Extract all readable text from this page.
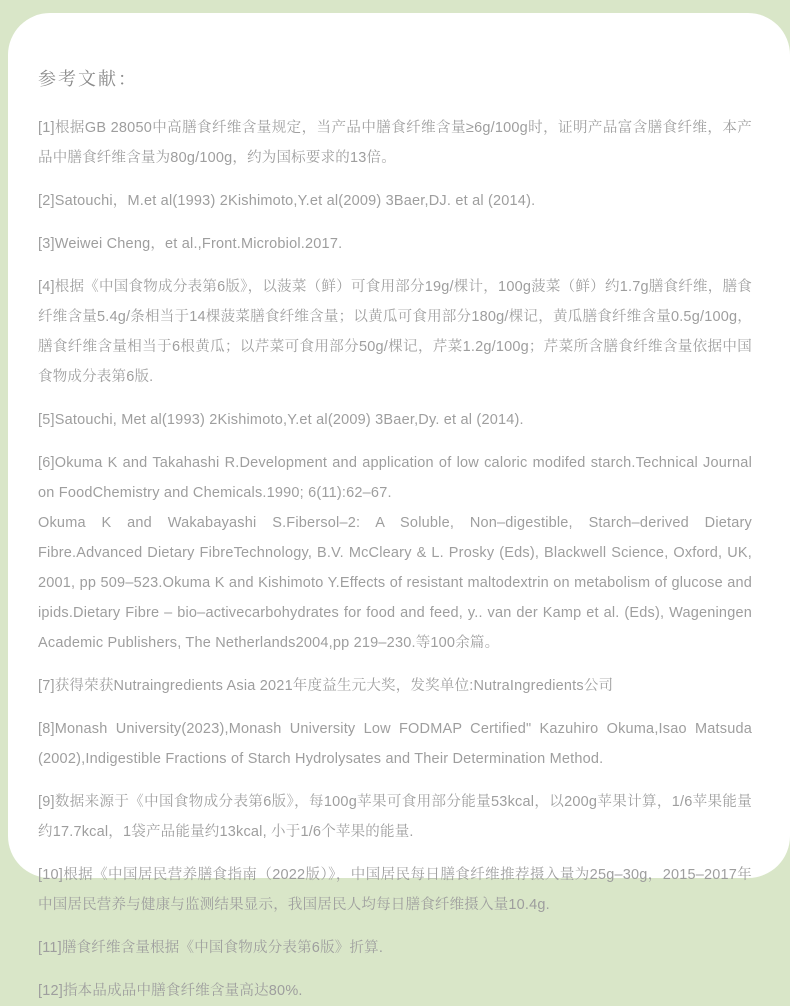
参考文献：

[1]根据GB 28050中高膳食纤维含量规定，当产品中膳食纤维含量≥6g/100g时，证明产品富含膳食纤维，本产品中膳食纤维含量为80g/100g，约为国标要求的13倍。

[2]Satouchi，M.et al(1993) 2Kishimoto,Y.et al(2009) 3Baer,DJ. et al (2014).

[3]Weiwei Cheng，et al.,Front.Microbiol.2017.

[4]根据《中国食物成分表第6版》，以菠菜（鲜）可食用部分19g/棵计，100g菠菜（鲜）约1.7g膳食纤维，膳食纤维含量5.4g/条相当于14棵菠菜膳食纤维含量；以黄瓜可食用部分180g/棵记，黄瓜膳食纤维含量0.5g/100g，膳食纤维含量相当于6根黄瓜；以芹菜可食用部分50g/棵记，芹菜1.2g/100g；芹菜所含膳食纤维含量依据中国食物成分表第6版.

[5]Satouchi, Met al(1993) 2Kishimoto,Y.et al(2009) 3Baer,Dy. et al (2014).

[6]Okuma K and Takahashi R.Development and application of low caloric modifed starch.Technical Journal on FoodChemistry and Chemicals.1990; 6(11):62–67.

Okuma K and Wakabayashi S.Fibersol–2: A Soluble, Non–digestible, Starch–derived Dietary Fibre.Advanced Dietary FibreTechnology, B.V. McCleary & L. Prosky (Eds), Blackwell Science, Oxford, UK, 2001, pp 509–523.Okuma K and Kishimoto Y.Effects of resistant maltodextrin on metabolism of glucose and ipids.Dietary Fibre – bio–activecarbohydrates for food and feed, y.. van der Kamp et al. (Eds), Wageningen Academic Publishers, The Netherlands2004,pp 219–230.等100余篇。

[7]获得荣获Nutraingredients Asia 2021年度益生元大奖，发奖单位:NutraIngredients公司

[8]Monash University(2023),Monash University Low FODMAP Certified" Kazuhiro Okuma,Isao Matsuda (2002),Indigestible Fractions of Starch Hydrolysates and Their Determination Method.

[9]数据来源于《中国食物成分表第6版》，每100g苹果可食用部分能量53kcal，以200g苹果计算，1/6苹果能量约17.7kcal，1袋产品能量约13kcal, 小于1/6个苹果的能量.

[10]根据《中国居民营养膳食指南（2022版）》，中国居民每日膳食纤维推荐摄入量为25g–30g，2015–2017年中国居民营养与健康与监测结果显示，我国居民人均每日膳食纤维摄入量10.4g.

[11]膳食纤维含量根据《中国食物成分表第6版》折算.

[12]指本品成品中膳食纤维含量高达80%.
